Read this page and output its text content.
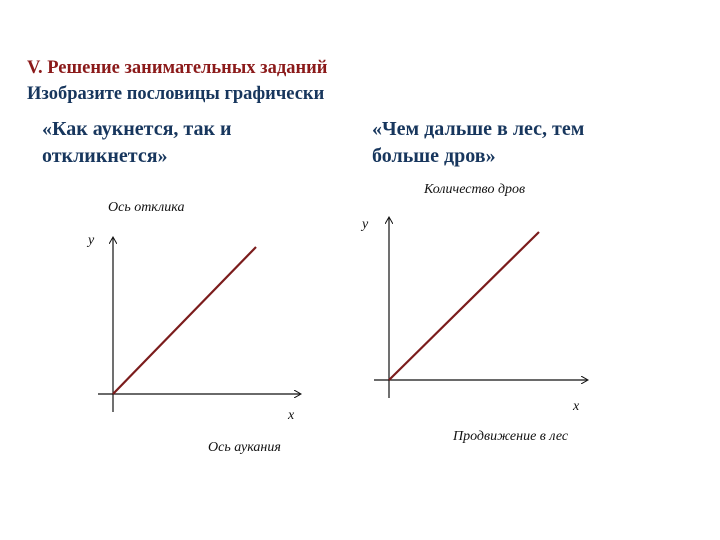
V. Решение занимательных заданий
Изобразите пословицы графически
«Как аукнется, так и
откликнется»
«Чем дальше в лес, тем
больше дров»
Ось отклика
y
x
Ось аукания
Количество дров
y
x
Продвижение в лес
